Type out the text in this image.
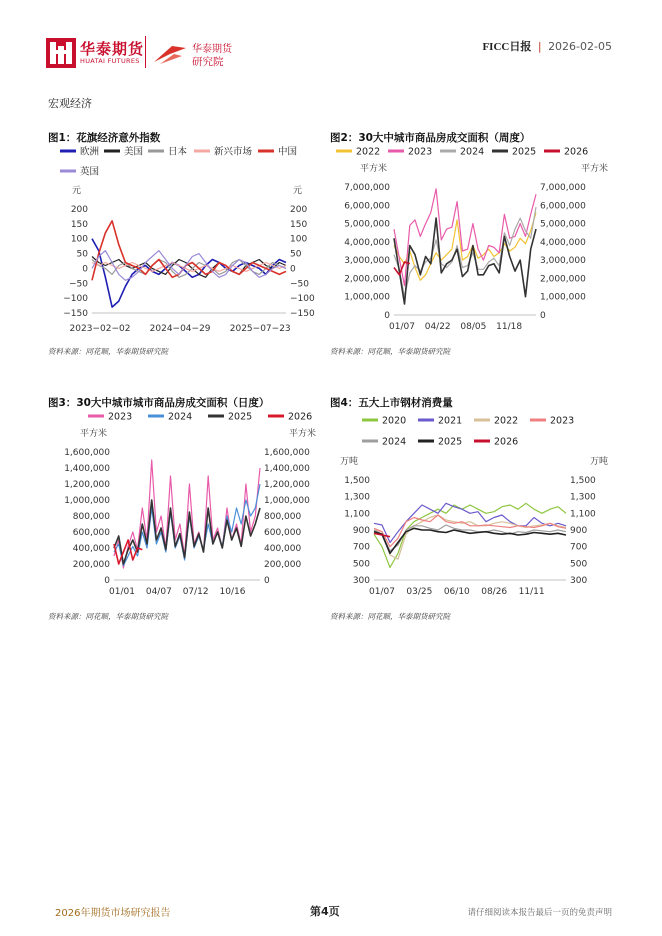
华泰期货
HUATAI FUTURES
华泰期货
研究院
FICC日报 | 2026-02-05
宏观经济
图1：花旗经济意外指数	图2：30大中城市商品房成交面积（周度）
图3：30大中城市城市商品房成交面积（日度）	图4：五大上市钢材消费量
欧洲	美国	日本	新兴市场	中国
英国
元	元
200	200
150	150
100	100
50	50
0	0
−50	−50
−100	−100
−150	−150
2023−02−02 2024−04−29 2025−07−23
2022	2023	2024	2025	2026
平方米	平方米
7,000,000	7,000,000
6,000,000	6,000,000
5,000,000	5,000,000
4,000,000	4,000,000
3,000,000	3,000,000
2,000,000	2,000,000
1,000,000	1,000,000
0	0
01/07 04/22 08/05 11/18
2023	2024	2025	2026
平方米	平方米
1,600,000	1,600,000
1,400,000	1,400,000
1,200,000	1,200,000
1,000,000	1,000,000
800,000	800,000
600,000	600,000
400,000	400,000
200,000	200,000
0	0
01/01 04/07 07/12 10/16
2020	2021	2022	2023
2024	2025	2026
万吨	万吨
1,500	1,500
1,300	1,300
1,100	1,100
900	900
700	700
500	500
300	300
01/07 03/25 06/10 08/26 11/11
资料来源：同花顺，华泰期货研究院	资料来源：同花顺，华泰期货研究院
资料来源：同花顺，华泰期货研究院	资料来源：同花顺，华泰期货研究院
2026年期货市场研究报告	第4页	请仔细阅读本报告最后一页的免责声明
